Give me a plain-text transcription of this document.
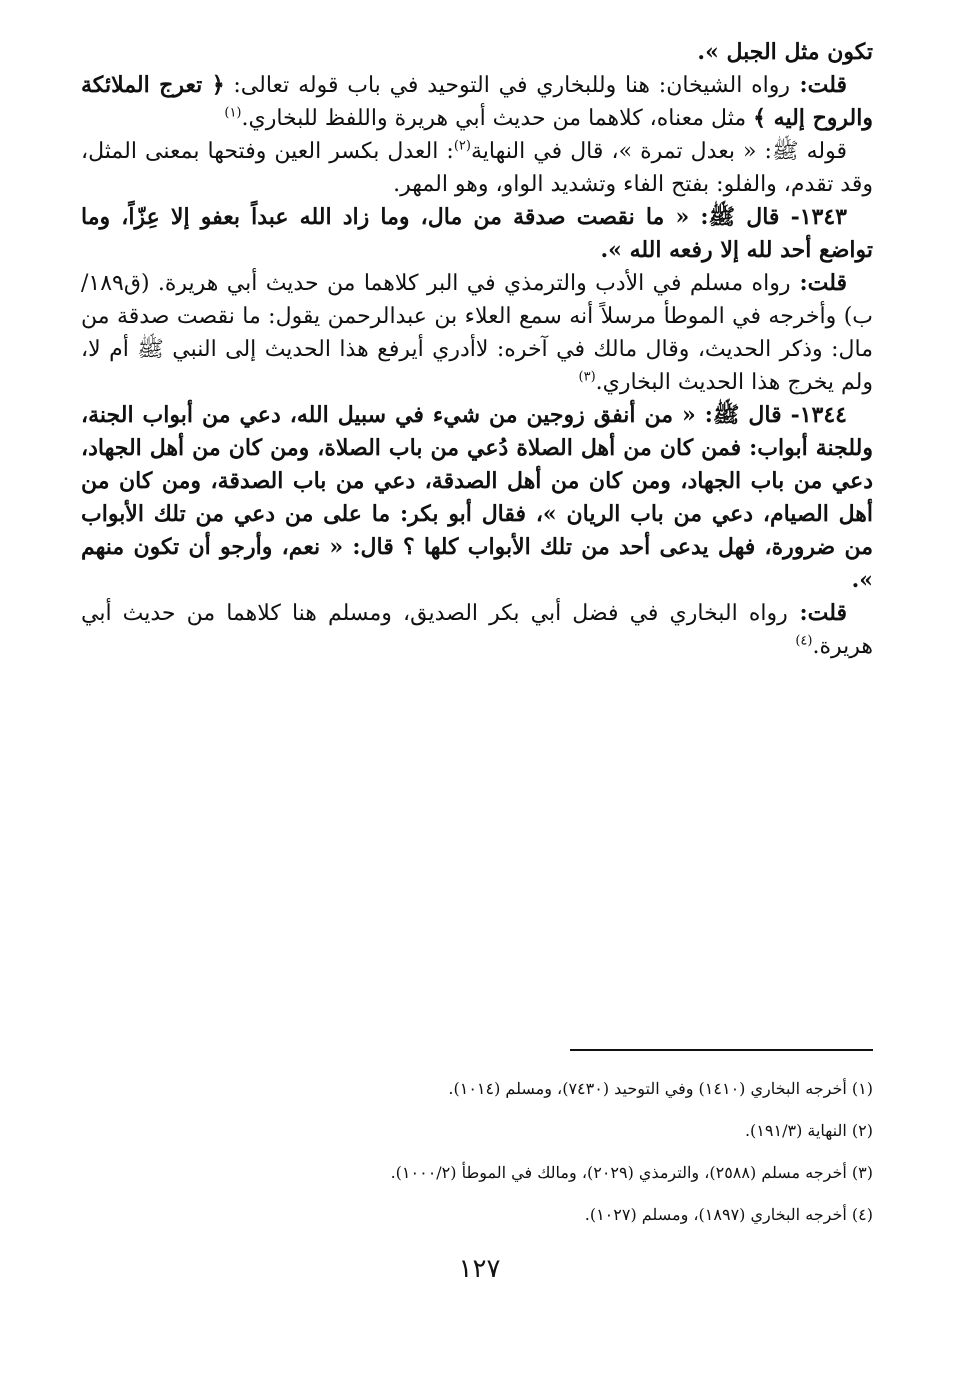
تكون مثل الجبل ».

قلت: رواه الشيخان: هنا وللبخاري في التوحيد في باب قوله تعالى: ﴿ تعرج الملائكة والروح إليه ﴾ مثل معناه، كلاهما من حديث أبي هريرة واللفظ للبخاري.$^{(١)}$

قوله ﷺ: « بعدل تمرة »، قال في النهاية$^{(٢)}$: العدل بكسر العين وفتحها بمعنى المثل، وقد تقدم، والفلو: بفتح الفاء وتشديد الواو، وهو المهر.

١٣٤٣- قال ﷺ: « ما نقصت صدقة من مال، وما زاد الله عبداً بعفو إلا عِزّاً، وما تواضع أحد لله إلا رفعه الله ».

قلت: رواه مسلم في الأدب والترمذي في البر كلاهما من حديث أبي هريرة. (ق١٨٩/ب) وأخرجه في الموطأ مرسلاً أنه سمع العلاء بن عبدالرحمن يقول: ما نقصت صدقة من مال: وذكر الحديث، وقال مالك في آخره: لاأدري أيرفع هذا الحديث إلى النبي ﷺ أم لا، ولم يخرج هذا الحديث البخاري.$^{(٣)}$

١٣٤٤- قال ﷺ: « من أنفق زوجين من شيء في سبيل الله، دعي من أبواب الجنة، وللجنة أبواب: فمن كان من أهل الصلاة دُعي من باب الصلاة، ومن كان من أهل الجهاد، دعي من باب الجهاد، ومن كان من أهل الصدقة، دعي من باب الصدقة، ومن كان من أهل الصيام، دعي من باب الريان »، فقال أبو بكر: ما على من دعي من تلك الأبواب من ضرورة، فهل يدعى أحد من تلك الأبواب كلها ؟ قال: « نعم، وأرجو أن تكون منهم ».

قلت: رواه البخاري في فضل أبي بكر الصديق، ومسلم هنا كلاهما من حديث أبي هريرة.$^{(٤)}$

(١) أخرجه البخاري (١٤١٠) وفي التوحيد (٧٤٣٠)، ومسلم (١٠١٤).
(٢) النهاية (١٩١/٣).
(٣) أخرجه مسلم (٢٥٨٨)، والترمذي (٢٠٢٩)، ومالك في الموطأ (١٠٠٠/٢).
(٤) أخرجه البخاري (١٨٩٧)، ومسلم (١٠٢٧).
١٢٧
